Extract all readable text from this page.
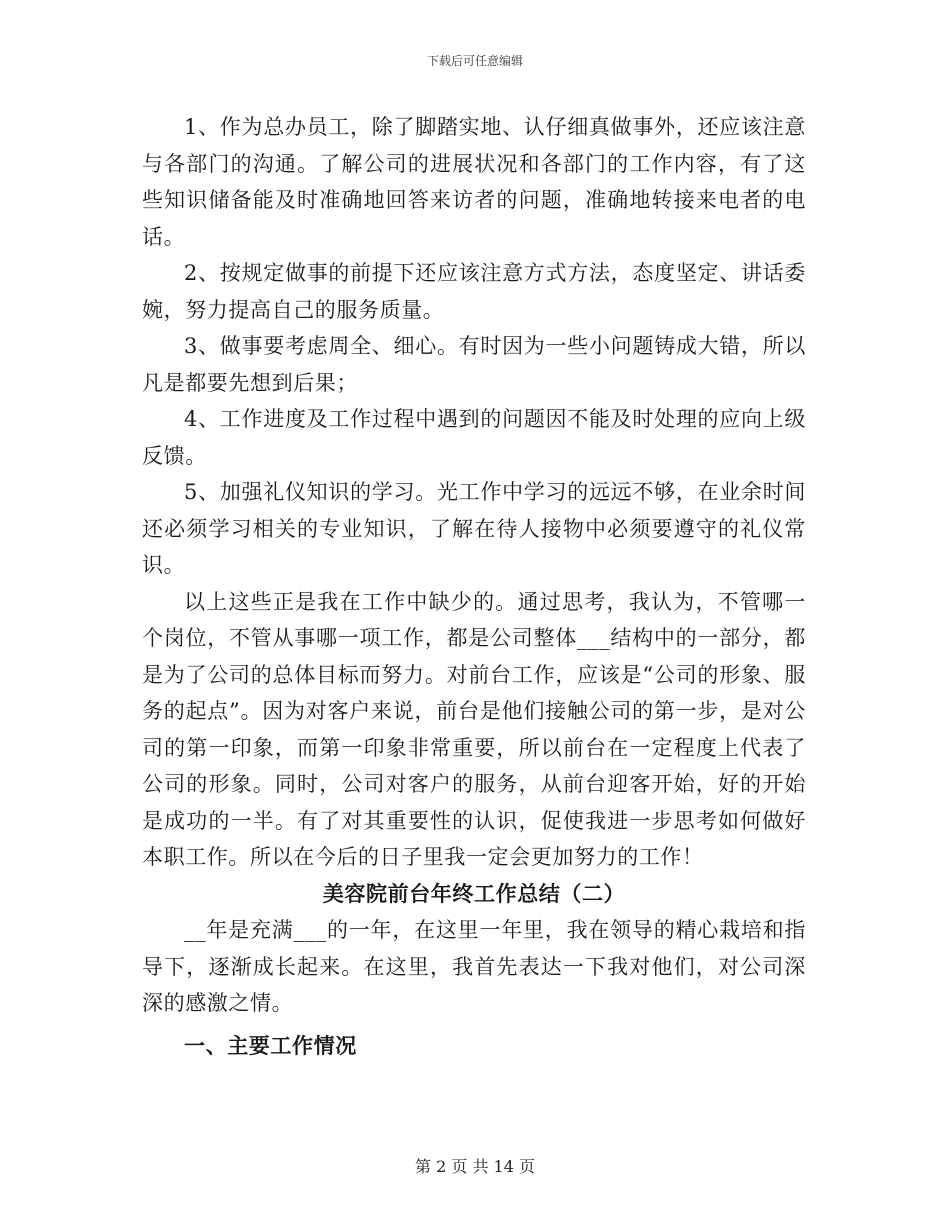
下载后可任意编辑

1、作为总办员工，除了脚踏实地、认仔细真做事外，还应该注意与各部门的沟通。了解公司的进展状况和各部门的工作内容，有了这些知识储备能及时准确地回答来访者的问题，准确地转接来电者的电话。

2、按规定做事的前提下还应该注意方式方法，态度坚定、讲话委婉，努力提高自己的服务质量。

3、做事要考虑周全、细心。有时因为一些小问题铸成大错，所以凡是都要先想到后果；

4、工作进度及工作过程中遇到的问题因不能及时处理的应向上级反馈。

5、加强礼仪知识的学习。光工作中学习的远远不够，在业余时间还必须学习相关的专业知识，了解在待人接物中必须要遵守的礼仪常识。

以上这些正是我在工作中缺少的。通过思考，我认为，不管哪一个岗位，不管从事哪一项工作，都是公司整体___结构中的一部分，都是为了公司的总体目标而努力。对前台工作，应该是“公司的形象、服务的起点”。因为对客户来说，前台是他们接触公司的第一步，是对公司的第一印象，而第一印象非常重要，所以前台在一定程度上代表了公司的形象。同时，公司对客户的服务，从前台迎客开始，好的开始是成功的一半。有了对其重要性的认识，促使我进一步思考如何做好本职工作。所以在今后的日子里我一定会更加努力的工作！

美容院前台年终工作总结（二）

__年是充满___的一年，在这里一年里，我在领导的精心栽培和指导下，逐渐成长起来。在这里，我首先表达一下我对他们，对公司深深的感激之情。

一、主要工作情况

第 2 页 共 14 页
